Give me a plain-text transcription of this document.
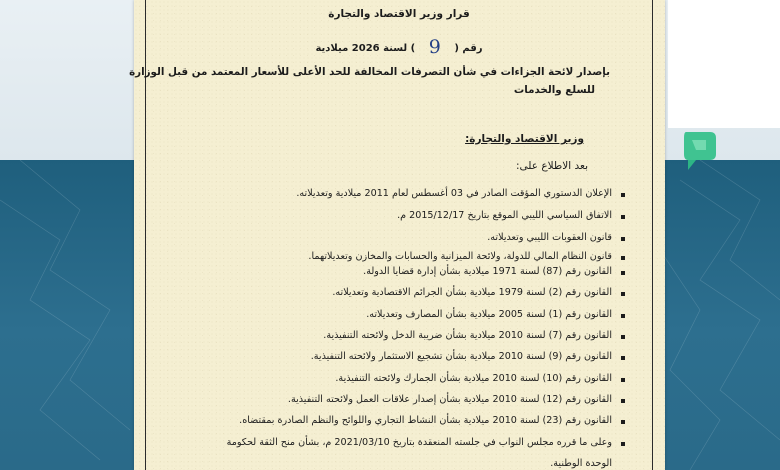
قرار وزير الاقتصاد والتجارة
رقم ( 9 ) لسنة 2026 ميلادية
بإصدار لائحة الجزاءات في شأن التصرفات المخالفة للحد الأعلى للأسعار المعتمد من قبل الوزارة
للسلع والخدمات
وزير الاقتصاد والتجارة:
بعد الاطلاع على:
الإعلان الدستوري المؤقت الصادر في 03 أغسطس لعام 2011 ميلادية وتعديلاته.
الاتفاق السياسي الليبي الموقع بتاريخ 2015/12/17 م.
قانون العقوبات الليبي وتعديلاته.
قانون النظام المالي للدولة، ولائحة الميزانية والحسابات والمخازن وتعديلاتهما.
القانون رقم (87) لسنة 1971 ميلادية بشأن إدارة قضايا الدولة.
القانون رقم (2) لسنة 1979 ميلادية بشأن الجرائم الاقتصادية وتعديلاته.
القانون رقم (1) لسنة 2005 ميلادية بشأن المصارف وتعديلاته.
القانون رقم (7) لسنة 2010 ميلادية بشأن ضريبة الدخل ولائحته التنفيذية.
القانون رقم (9) لسنة 2010 ميلادية بشأن تشجيع الاستثمار ولائحته التنفيذية.
القانون رقم (10) لسنة 2010 ميلادية بشأن الجمارك ولائحته التنفيذية.
القانون رقم (12) لسنة 2010 ميلادية بشأن إصدار علاقات العمل ولائحته التنفيذية.
القانون رقم (23) لسنة 2010 ميلادية بشأن النشاط التجاري واللوائح والنظم الصادرة بمقتضاه.
وعلى ما قرره مجلس النواب في جلسته المنعقدة بتاريخ 2021/03/10 م، بشأن منح الثقة لحكومة
الوحدة الوطنية.
